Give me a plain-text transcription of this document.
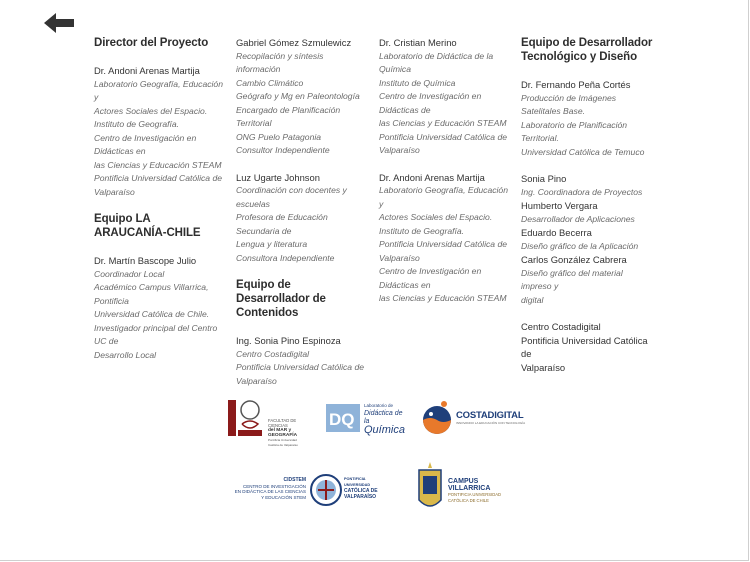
Director del Proyecto
Dr. Andoni Arenas Martija
Laboratorio Geografía, Educación y
Actores Sociales del Espacio.
Instituto de Geografía.
Centro de Investigación en Didácticas en
las Ciencias y Educación STEAM
Pontificia Universidad Católica de
Valparaíso
Equipo LA ARAUCANÍA-CHILE
Dr. Martín Bascope Julio
Coordinador Local
Académico Campus Villarrica, Pontificia
Universidad Católica de Chile.
Investigador principal del Centro UC de
Desarrollo Local
Gabriel Gómez Szmulewicz
Recopilación y síntesis información
Cambio Climático
Geógrafo y Mg en Paleontología
Encargado de Planificación Territorial
ONG Puelo Patagonia
Consultor Independiente
Luz Ugarte Johnson
Coordinación con docentes y escuelas
Profesora de Educación Secundaria de
Lengua y literatura
Consultora Independiente
Equipo de Desarrollador de Contenidos
Ing. Sonia Pino Espinoza
Centro Costadigital
Pontificia Universidad Católica de
Valparaíso
Dr. Cristian Merino
Laboratorio de Didáctica de la Química
Instituto de Química
Centro de Investigación en Didácticas de
las Ciencias y Educación STEAM
Pontificia Universidad Católica de
Valparaíso
Dr. Andoni Arenas Martija
Laboratorio Geografía, Educación y
Actores Sociales del Espacio.
Instituto de Geografía.
Pontificia Universidad Católica de
Valparaíso
Centro de Investigación en Didácticas en
las Ciencias y Educación STEAM
Equipo de Desarrollador Tecnológico y Diseño
Dr. Fernando Peña Cortés
Producción de Imágenes Satelitales Base.
Laboratorio de Planificación Territorial.
Universidad Católica de Temuco
Sonia Pino
Ing. Coordinadora de Proyectos
Humberto Vergara
Desarrollador de Aplicaciones
Eduardo Becerra
Diseño gráfico de la Aplicación
Carlos González Cabrera
Diseño gráfico del material impreso y
digital
Centro Costadigital
Pontificia Universidad Católica de
Valparaíso
FACULTAD DE CIENCIAS
del MAR y GEOGRAFÍA
Pontificia Universidad Católica de Valparaíso
DQ
Laboratorio de
Didáctica de la
Química
COSTADIGITAL
INNOVANDO LA EDUCACIÓN CON TECNOLOGÍA
CIDSTEM
CENTRO DE INVESTIGACIÓN
EN DIDÁCTICA DE LAS CIENCIAS
Y EDUCACIÓN STEM
PONTIFICIA
UNIVERSIDAD
CATÓLICA DE
VALPARAÍSO
CAMPUS VILLARRICA
PONTIFICIA UNIVERSIDAD
CATÓLICA DE CHILE
